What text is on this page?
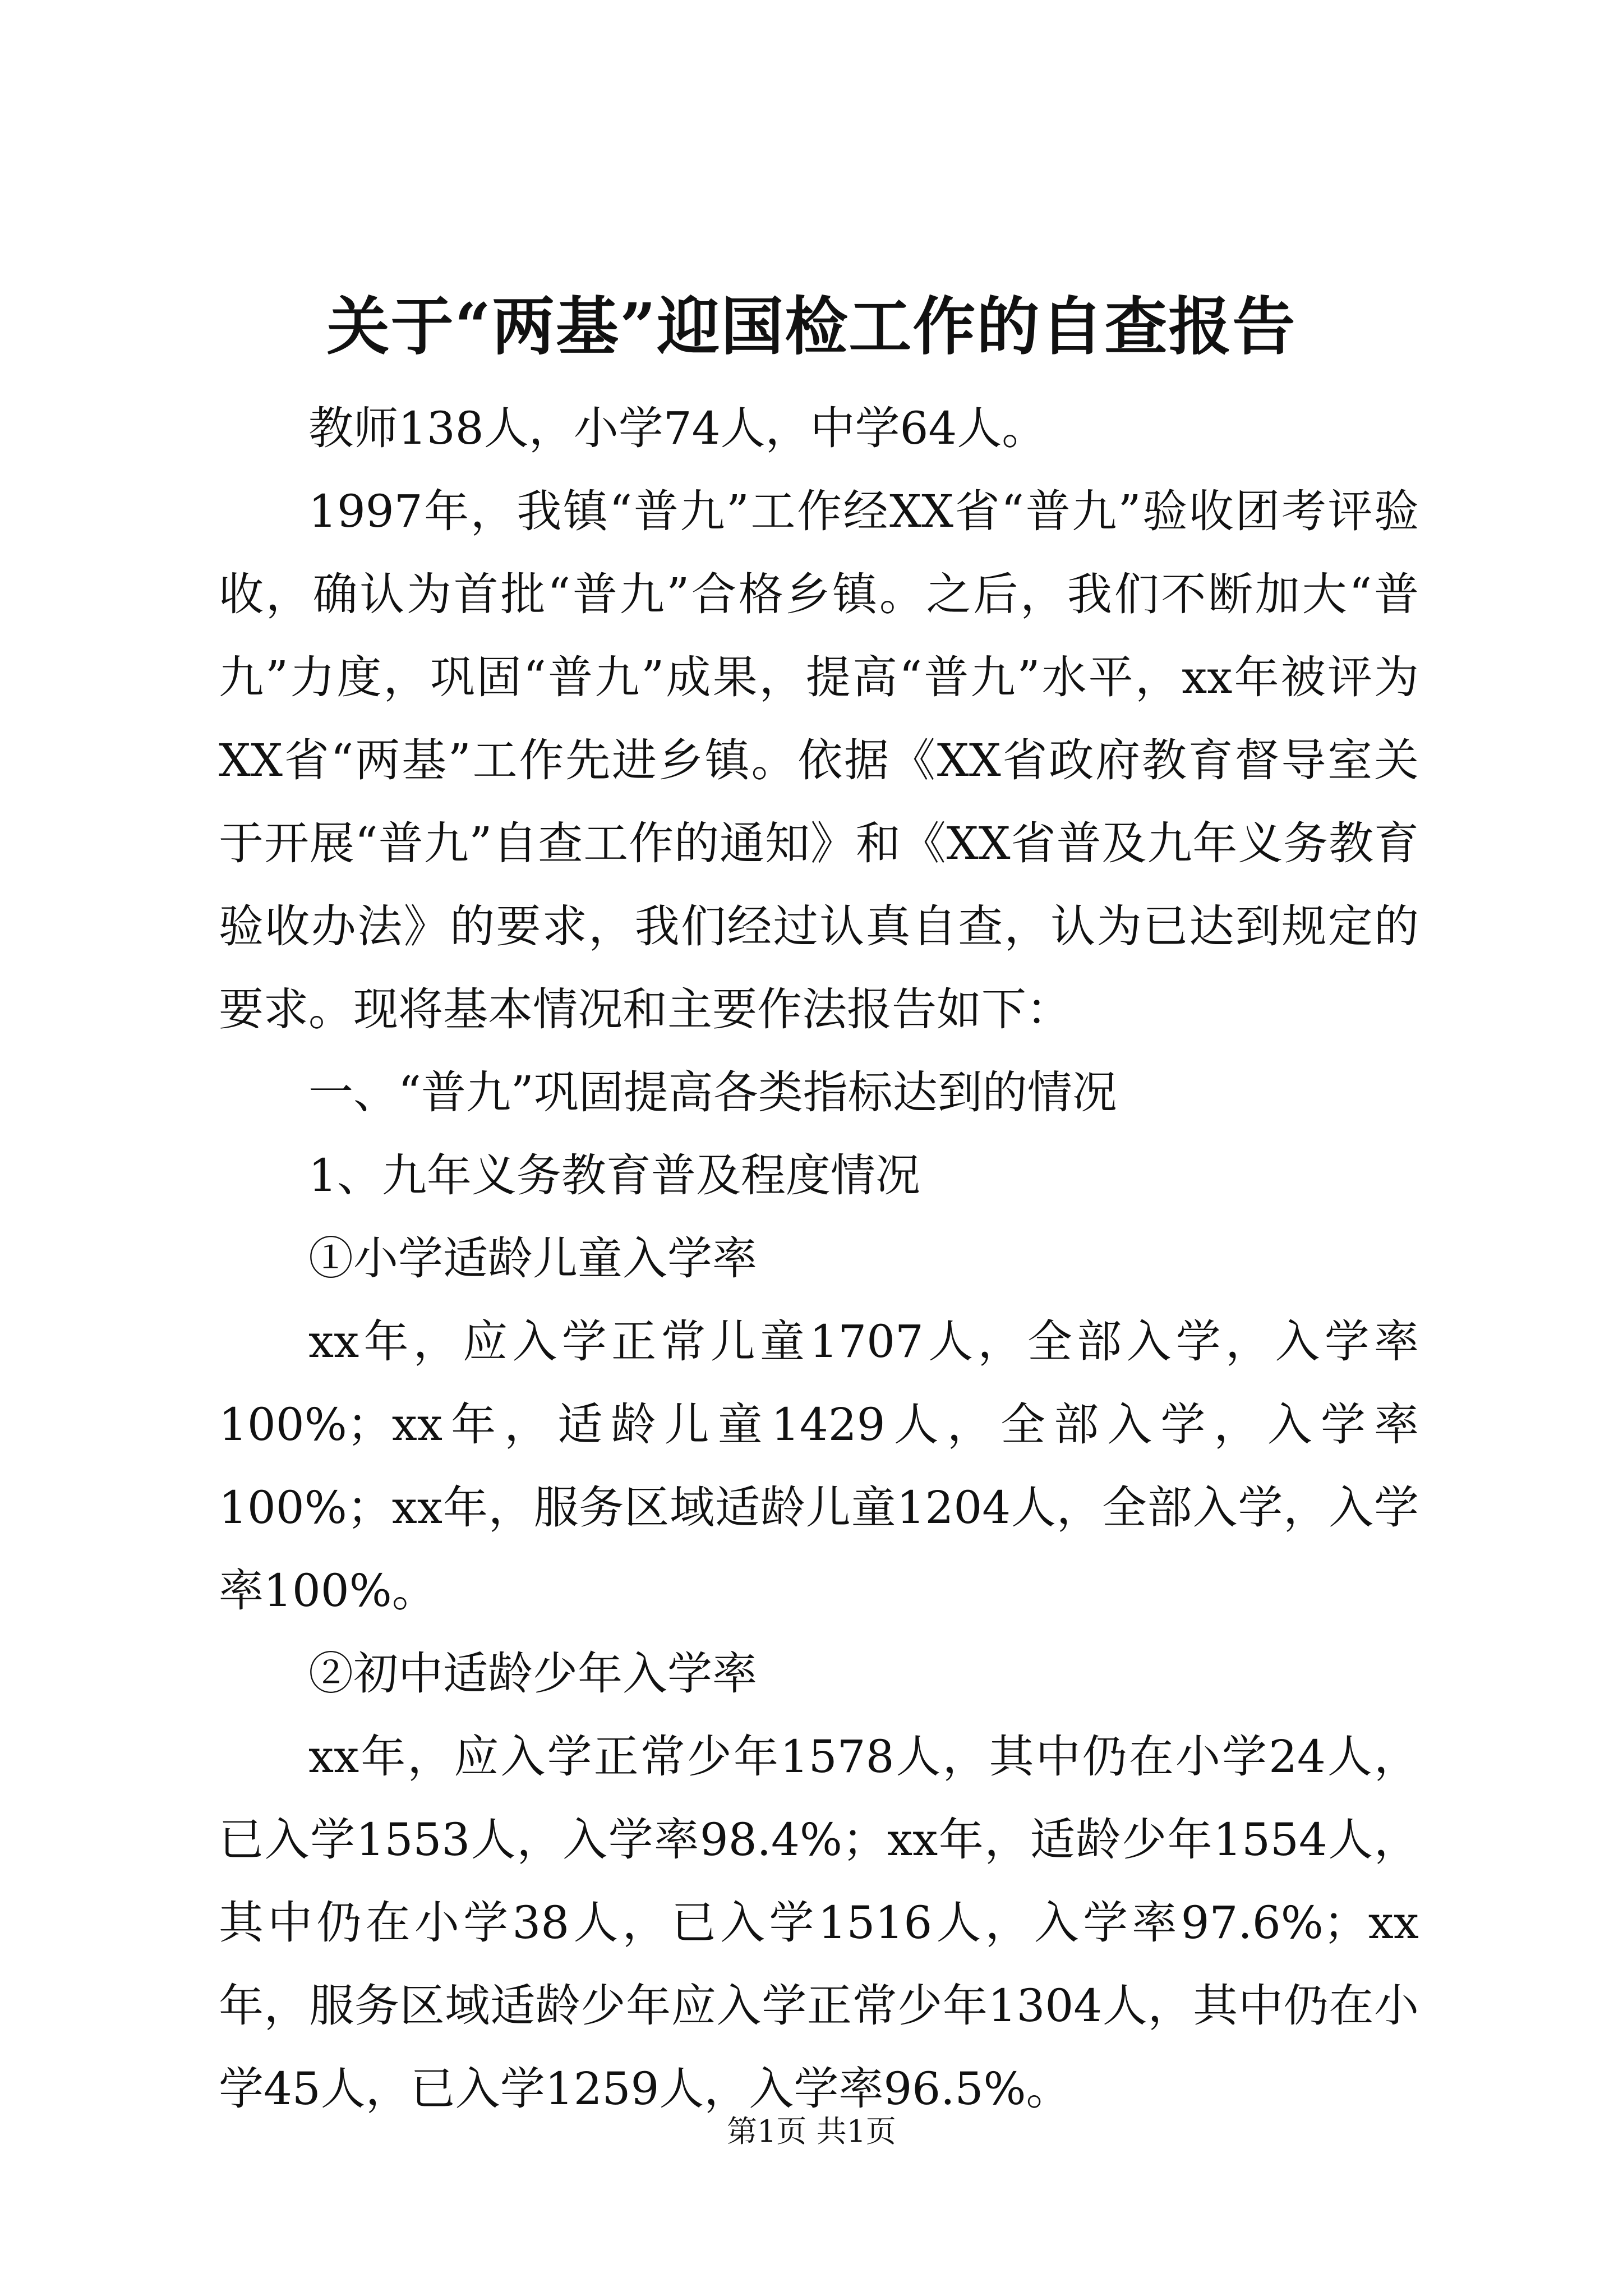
关于“两基”迎国检工作的自查报告

教师138人，小学74人，中学64人。

1997年，我镇“普九”工作经XX省“普九”验收团考评验收，确认为首批“普九”合格乡镇。之后，我们不断加大“普九”力度，巩固“普九”成果，提高“普九”水平，xx年被评为XX省“两基”工作先进乡镇。依据《XX省政府教育督导室关于开展“普九”自查工作的通知》和《XX省普及九年义务教育验收办法》的要求，我们经过认真自查，认为已达到规定的要求。现将基本情况和主要作法报告如下：

一、“普九”巩固提高各类指标达到的情况

1、九年义务教育普及程度情况

①小学适龄儿童入学率

xx年，应入学正常儿童1707人，全部入学，入学率100%；xx年，适龄儿童1429人，全部入学，入学率100%；xx年，服务区域适龄儿童1204人，全部入学，入学率100%。

②初中适龄少年入学率

xx年，应入学正常少年1578人，其中仍在小学24人，已入学1553人，入学率98.4%；xx年，适龄少年1554人，其中仍在小学38人，已入学1516人，入学率97.6%；xx年，服务区域适龄少年应入学正常少年1304人，其中仍在小学45人，已入学1259人，入学率96.5%。

第1页 共1页
